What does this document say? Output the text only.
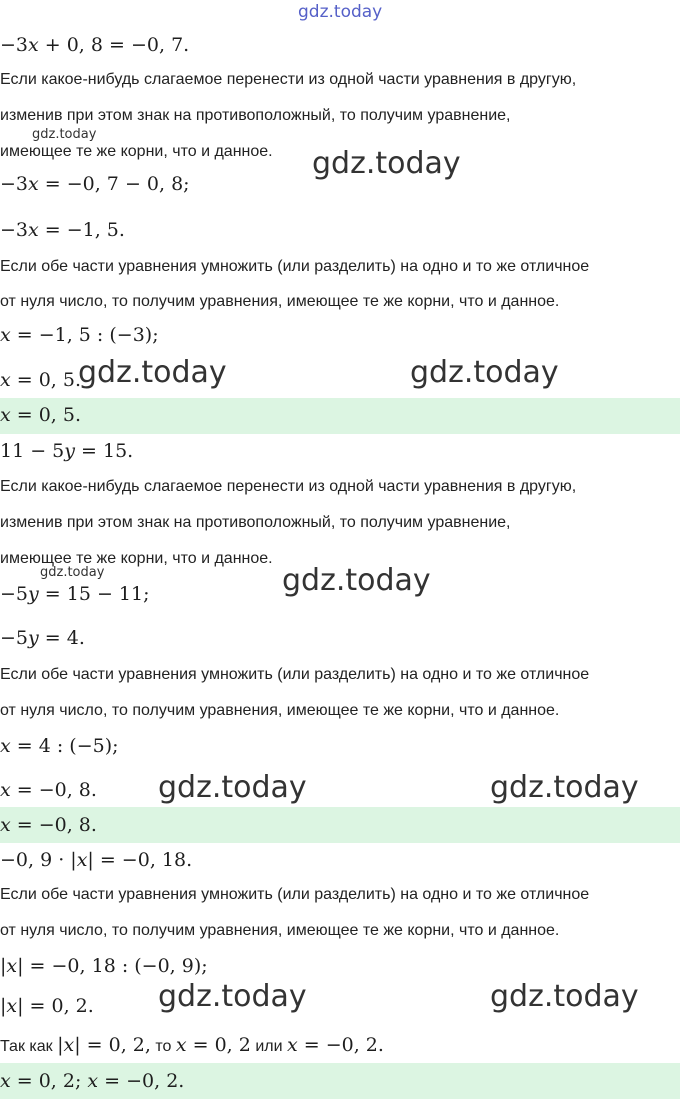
gdz.today
−3𝑥 + 0, 8 = −0, 7.
Если какое-нибудь слагаемое перенести из одной части уравнения в другую,
изменив при этом знак на противоположный, то получим уравнение,
gdz.today
имеющее те же корни, что и данное. gdz.today
−3𝑥 = −0, 7 − 0, 8;
−3𝑥 = −1, 5.
Если обе части уравнения умножить (или разделить) на одно и то же отличное
от нуля число, то получим уравнения, имеющее те же корни, что и данное.
𝑥 = −1, 5 : (−3);
𝑥 = 0, 5.
gdz.today	gdz.today
𝑥 = 0, 5.
11 − 5𝑦 = 15.
Если какое-нибудь слагаемое перенести из одной части уравнения в другую,
изменив при этом знак на противоположный, то получим уравнение,
имеющее те же корни, что и данное.
gdz.today	gdz.today
−5𝑦 = 15 − 11;
−5𝑦 = 4.
Если обе части уравнения умножить (или разделить) на одно и то же отличное
от нуля число, то получим уравнения, имеющее те же корни, что и данное.
𝑥 = 4 : (−5);
𝑥 = −0, 8. gdz.today	gdz.today
𝑥 = −0, 8.
−0, 9 · |𝑥| = −0, 18.
Если обе части уравнения умножить (или разделить) на одно и то же отличное
от нуля число, то получим уравнения, имеющее те же корни, что и данное.
|𝑥| = −0, 18 : (−0, 9);
|𝑥| = 0, 2. gdz.today	gdz.today
Так как |𝑥| = 0, 2, то 𝑥 = 0, 2 или 𝑥 = −0, 2.
𝑥 = 0, 2; 𝑥 = −0, 2.
